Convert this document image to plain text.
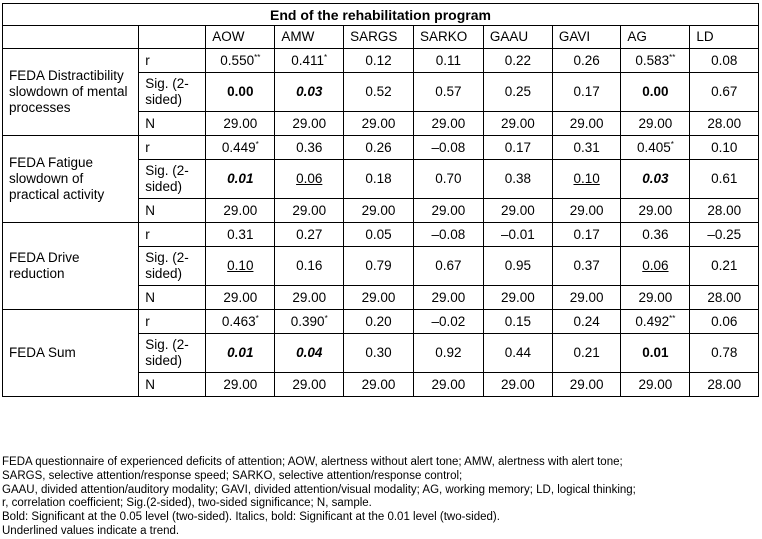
End of the rehabilitation program									
		AOW	AMW	SARGS	SARKO	GAAU	GAVI	AG	LD
FEDA Distractibility slowdown of mental processes	r	0.550**	0.411*	0.12	0.11	0.22	0.26	0.583**	0.08
	Sig. (2-sided)	0.00	0.03	0.52	0.57	0.25	0.17	0.00	0.67
	N	29.00	29.00	29.00	29.00	29.00	29.00	29.00	28.00
FEDA Fatigue slowdown of practical activity	r	0.449*	0.36	0.26	–0.08	0.17	0.31	0.405*	0.10
	Sig. (2-sided)	0.01	0.06	0.18	0.70	0.38	0.10	0.03	0.61
	N	29.00	29.00	29.00	29.00	29.00	29.00	29.00	28.00
FEDA Drive reduction	r	0.31	0.27	0.05	–0.08	–0.01	0.17	0.36	–0.25
	Sig. (2-sided)	0.10	0.16	0.79	0.67	0.95	0.37	0.06	0.21
	N	29.00	29.00	29.00	29.00	29.00	29.00	29.00	28.00
FEDA Sum	r	0.463*	0.390*	0.20	–0.02	0.15	0.24	0.492**	0.06
	Sig. (2-sided)	0.01	0.04	0.30	0.92	0.44	0.21	0.01	0.78
	N	29.00	29.00	29.00	29.00	29.00	29.00	29.00	28.00
FEDA questionnaire of experienced deficits of attention; AOW, alertness without alert tone; AMW, alertness with alert tone;
SARGS, selective attention/response speed; SARKO, selective attention/response control;
GAAU, divided attention/auditory modality; GAVI, divided attention/visual modality; AG, working memory; LD, logical thinking;
r, correlation coefficient; Sig.(2-sided), two-sided significance; N, sample.
Bold: Significant at the 0.05 level (two-sided). Italics, bold: Significant at the 0.01 level (two-sided).
Underlined values indicate a trend.
